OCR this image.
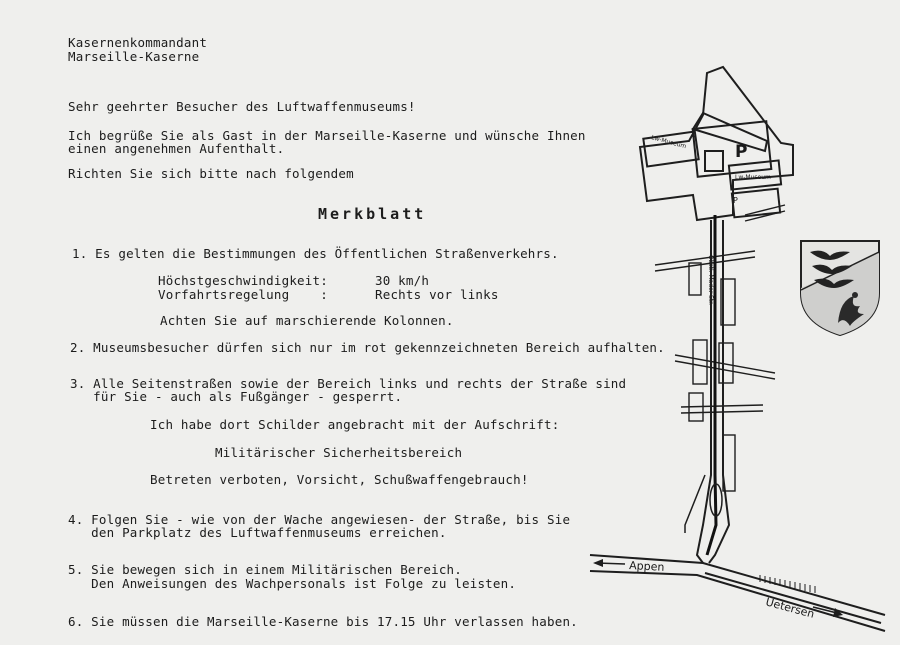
Kasernenkommandant
Marseille-Kaserne
Sehr geehrter Besucher des Luftwaffenmuseums!
Ich begrüße Sie als Gast in der Marseille-Kaserne und wünsche Ihnen
einen angenehmen Aufenthalt.
Richten Sie sich bitte nach folgendem
Merkblatt
1. Es gelten die Bestimmungen des Öffentlichen Straßenverkehrs.
Höchstgeschwindigkeit:	30 km/h
Vorfahrtsregelung    :	Rechts vor links
Achten Sie auf marschierende Kolonnen.
2. Museumsbesucher dürfen sich nur im rot gekennzeichneten Bereich aufhalten.
3. Alle Seitenstraßen sowie der Bereich links und rechts der Straße sind
für Sie - auch als Fußgänger - gesperrt.
Ich habe dort Schilder angebracht mit der Aufschrift:
Militärischer Sicherheitsbereich
Betreten verboten, Vorsicht, Schußwaffengebrauch!
4. Folgen Sie - wie von der Wache angewiesen- der Straße, bis Sie
den Parkplatz des Luftwaffenmuseums erreichen.
5. Sie bewegen sich in einem Militärischen Bereich.
Den Anweisungen des Wachpersonals ist Folge zu leisten.
6. Sie müssen die Marseille-Kaserne bis 17.15 Uhr verlassen haben.
P
Lw-Museum
Lw-Museum
P
Obstl. Mader-Str.
Appen
Uetersen
